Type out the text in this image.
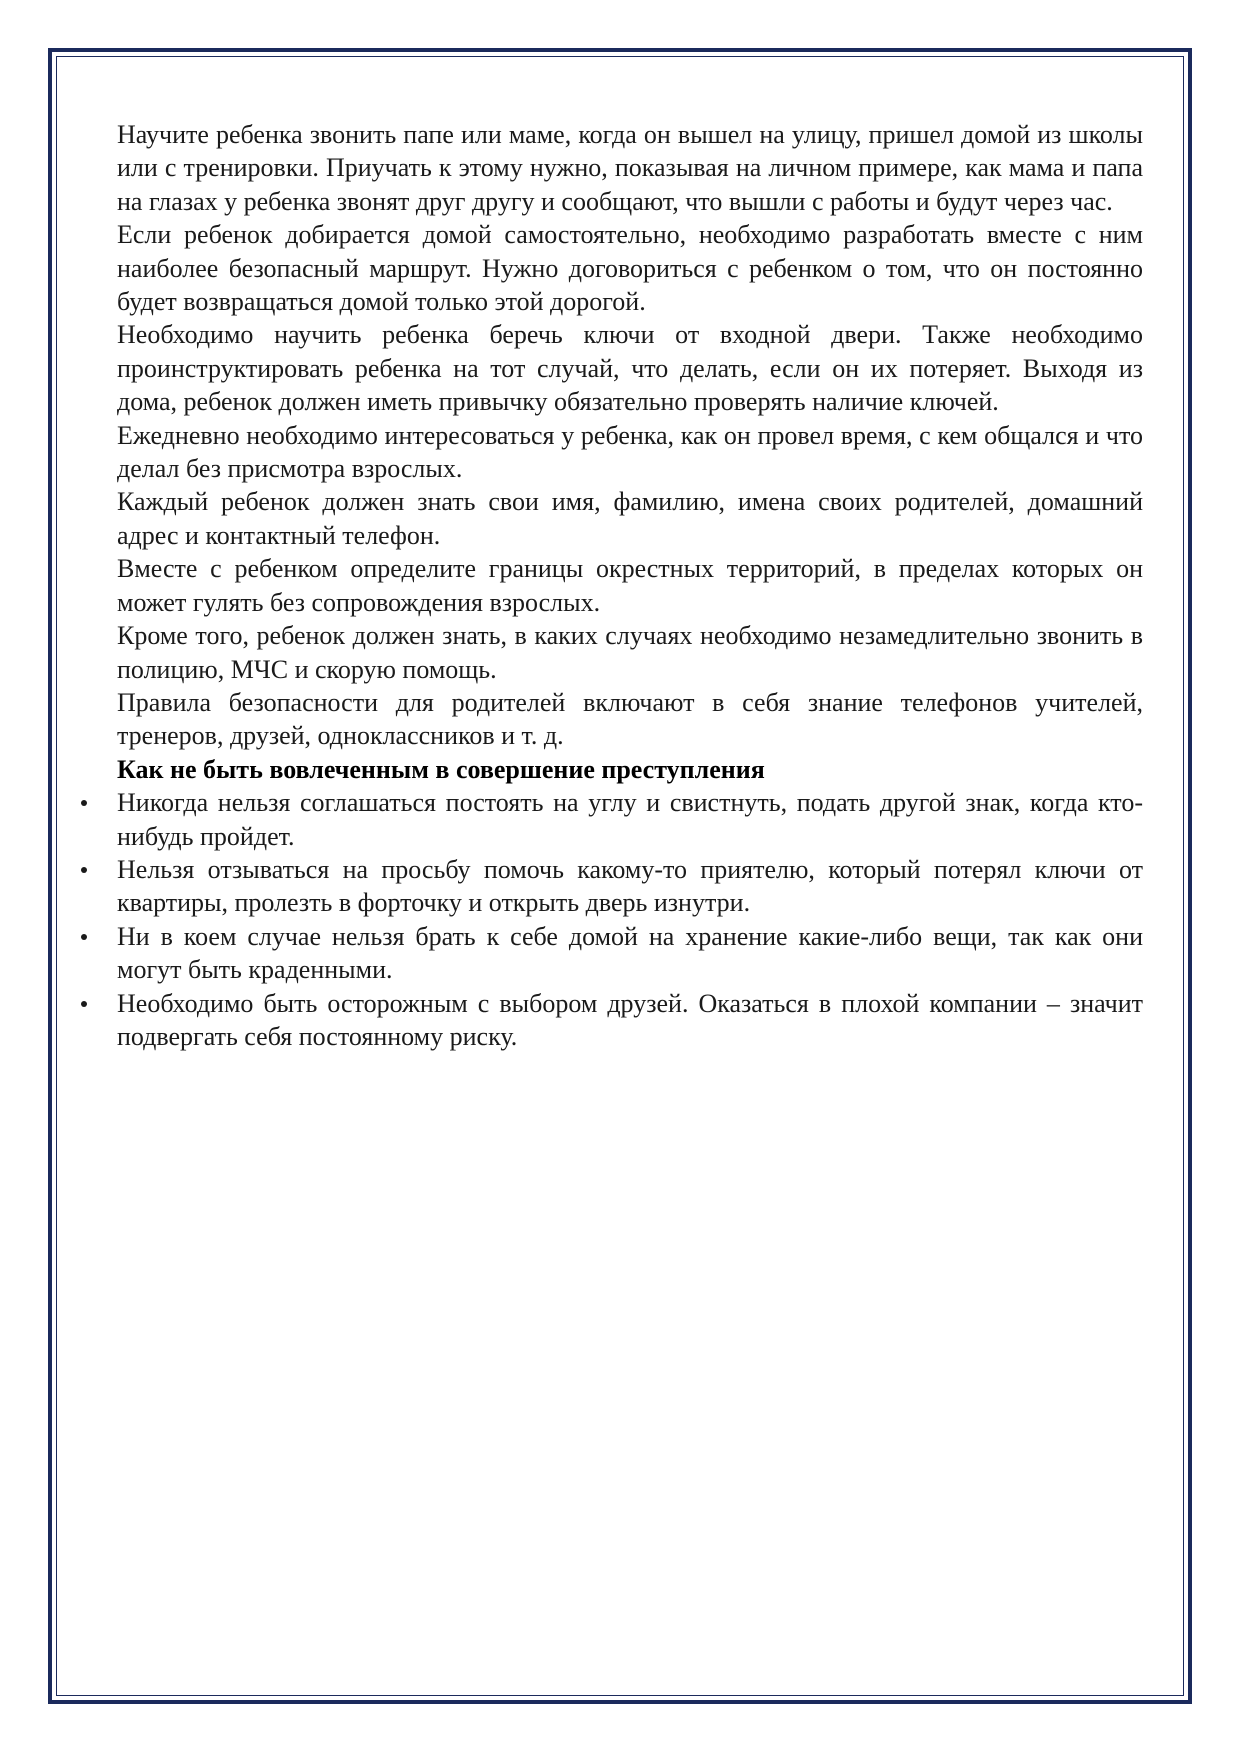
Научите ребенка звонить папе или маме, когда он вышел на улицу, пришел домой из школы или с тренировки. Приучать к этому нужно, показывая на личном примере, как мама и папа на глазах у ребенка звонят друг другу и сообщают, что вышли с работы и будут через час.

Если ребенок добирается домой самостоятельно, необходимо разработать вместе с ним наиболее безопасный маршрут. Нужно договориться с ребенком о том, что он постоянно будет возвращаться домой только этой дорогой.

Необходимо научить ребенка беречь ключи от входной двери. Также необходимо проинструктировать ребенка на тот случай, что делать, если он их потеряет. Выходя из дома, ребенок должен иметь привычку обязательно проверять наличие ключей.

Ежедневно необходимо интересоваться у ребенка, как он провел время, с кем общался и что делал без присмотра взрослых.

Каждый ребенок должен знать свои имя, фамилию, имена своих родителей, домашний адрес и контактный телефон.

Вместе с ребенком определите границы окрестных территорий, в пределах которых он может гулять без сопровождения взрослых.

Кроме того, ребенок должен знать, в каких случаях необходимо незамедлительно звонить в полицию, МЧС и скорую помощь.

Правила безопасности для родителей включают в себя знание телефонов учителей, тренеров, друзей, одноклассников и т. д.

Как не быть вовлеченным в совершение преступления

Никогда нельзя соглашаться постоять на углу и свистнуть, подать другой знак, когда кто-нибудь пройдет.
Нельзя отзываться на просьбу помочь какому-то приятелю, который потерял ключи от квартиры, пролезть в форточку и открыть дверь изнутри.
Ни в коем случае нельзя брать к себе домой на хранение какие-либо вещи, так как они могут быть краденными.
Необходимо быть осторожным с выбором друзей. Оказаться в плохой компании – значит подвергать себя постоянному риску.
